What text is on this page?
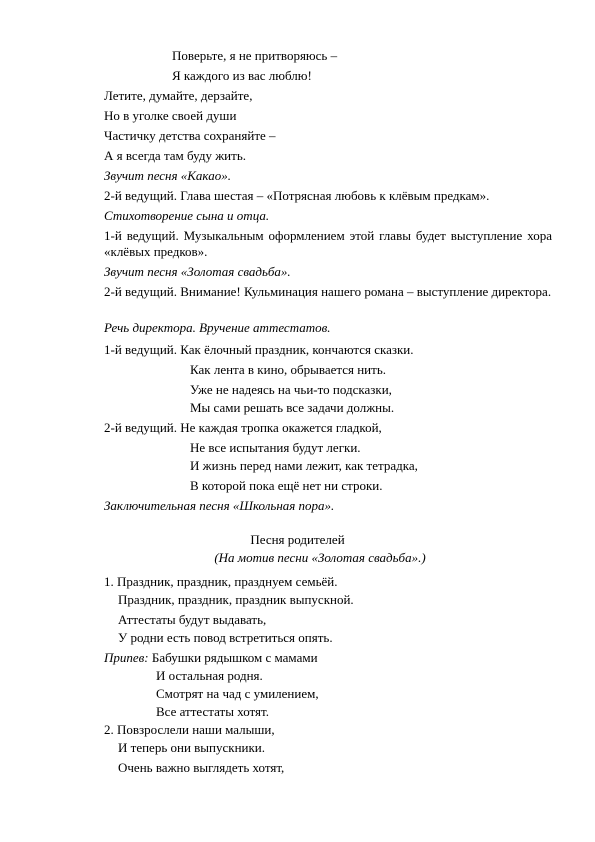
Поверьте, я не притворяюсь –
Я каждого из вас люблю!
Летите, думайте, дерзайте,
Но в уголке своей души
Частичку детства сохраняйте –
А я всегда там буду жить.
Звучит песня «Какао».
2-й ведущий. Глава шестая – «Потрясная любовь к клёвым предкам».
Стихотворение сына и отца.
1-й ведущий. Музыкальным оформлением этой главы будет выступление хора «клёвых предков».
Звучит песня «Золотая свадьба».
2-й ведущий. Внимание! Кульминация нашего романа – выступление директора.
Речь директора. Вручение аттестатов.
1-й ведущий. Как ёлочный праздник, кончаются сказки.
Как лента в кино, обрывается нить.
Уже не надеясь на чьи-то подсказки,
Мы сами решать все задачи должны.
2-й ведущий. Не каждая тропка окажется гладкой,
Не все испытания будут легки.
И жизнь перед нами лежит, как тетрадка,
В которой пока ещё нет ни строки.
Заключительная песня «Школьная пора».
Песня родителей
(На мотив песни «Золотая свадьба».)
1. Праздник, праздник, празднуем семьёй.
Праздник, праздник, праздник выпускной.
Аттестаты будут выдавать,
У родни есть повод встретиться опять.
Припев: Бабушки рядышком с мамами
И остальная родня.
Смотрят на чад с умилением,
Все аттестаты хотят.
2. Повзрослели наши малыши,
И теперь они выпускники.
Очень важно выглядеть хотят,
